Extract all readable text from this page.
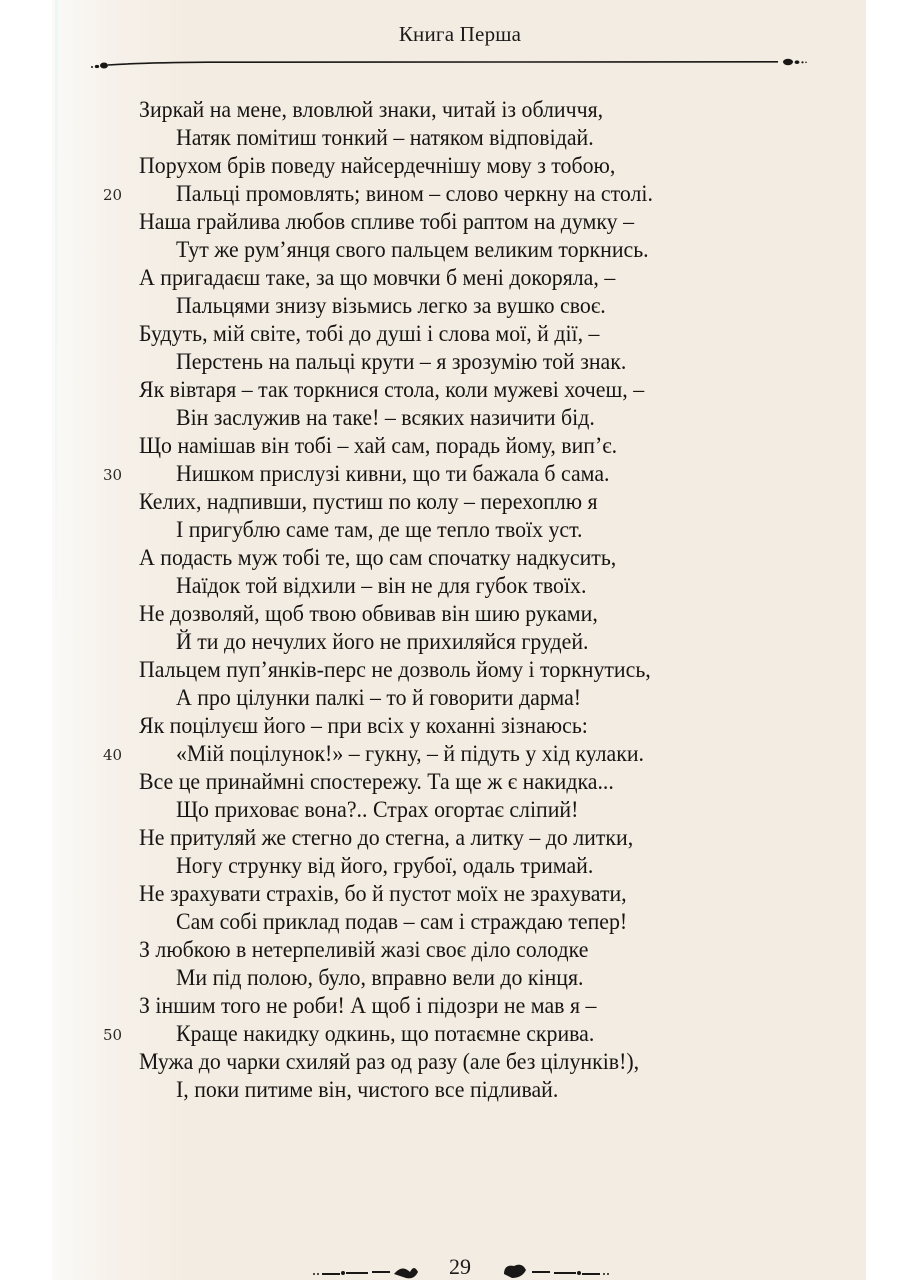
Книга Перша
Зиркай на мене, вловлюй знаки, читай із обличчя,
Натяк помітиш тонкий – натяком відповідай.
Порухом брів поведу найсердечнішу мову з тобою,
Пальці промовлять; вином – слово черкну на столі.
Наша грайлива любов спливе тобі раптом на думку –
Тут же рум’янця свого пальцем великим торкнись.
А пригадаєш таке, за що мовчки б мені докоряла, –
Пальцями знизу візьмись легко за вушко своє.
Будуть, мій світе, тобі до душі і слова мої, й дії, –
Перстень на пальці крути – я зрозумію той знак.
Як вівтаря – так торкнися стола, коли мужеві хочеш, –
Він заслужив на таке! – всяких назичити бід.
Що намішав він тобі – хай сам, порадь йому, вип’є.
Нишком прислузі кивни, що ти бажала б сама.
Келих, надпивши, пустиш по колу – перехоплю я
І пригублю саме там, де ще тепло твоїх уст.
А подасть муж тобі те, що сам спочатку надкусить,
Наїдок той відхили – він не для губок твоїх.
Не дозволяй, щоб твою обвивав він шию руками,
Й ти до нечулих його не прихиляйся грудей.
Пальцем пуп’янків-перс не дозволь йому і торкнутись,
А про цілунки палкі – то й говорити дарма!
Як поцілуєш його – при всіх у коханні зізнаюсь:
«Мій поцілунок!» – гукну, – й підуть у хід кулаки.
Все це принаймні спостережу. Та ще ж є накидка...
Що приховає вона?.. Страх огортає сліпий!
Не притуляй же стегно до стегна, а литку – до литки,
Ногу струнку від його, грубої, одаль тримай.
Не зрахувати страхів, бо й пустот моїх не зрахувати,
Сам собі приклад подав – сам і страждаю тепер!
З любкою в нетерпеливій жазі своє діло солодке
Ми під полою, було, вправно вели до кінця.
З іншим того не роби! А щоб і підозри не мав я –
Краще накидку одкинь, що потаємне скрива.
Мужа до чарки схиляй раз од разу (але без цілунків!),
І, поки питиме він, чистого все підливай.
20
30
40
50
29
